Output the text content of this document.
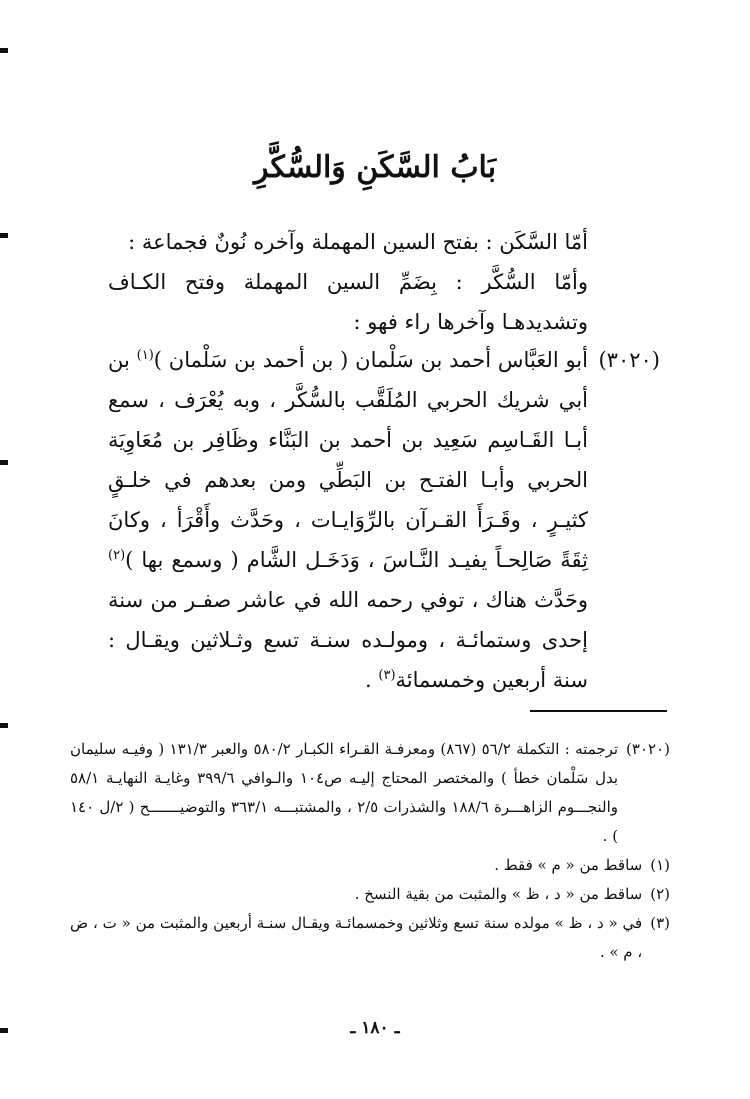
بَابُ السَّكَنِ وَالسُّكَّرِ

أمّا السَّكَن : بفتح السين المهملة وآخره نُونٌ فجماعة :

وأمّا السُّكَّر : بِضَمِّ السين المهملة وفتح الكـاف وتشديدهـا وآخرها راء فهو :

(٣٠٢٠)

أبو العَبَّاس أحمد بن سَلْمان ( بن أحمد بن سَلْمان )$^{(١)}$ بن أبي شريك الحربي المُلَقَّب بالسُّكَّر ، وبه يُعْرَف ، سمع أبـا القَـاسِم سَعِيد بن أحمد بن البَنَّاء وظَافِر بن مُعَاوِيَة الحربي وأبـا الفتـح بن البَطِّي ومن بعدهم في خلـقٍ كثيـرٍ ، وقَـرَأَ القـرآن بالرِّوَايـات ، وحَدَّث وأَقْرَأ ، وكانَ ثِقَةً صَالِحـاً يفيـد النَّـاسَ ، وَدَخَـل الشَّام ( وسمع بها )$^{(٢)}$ وحَدَّث هناك ، توفي رحمه الله في عاشر صفـر من سنة إحدى وستمائـة ، ومولـده سنـة تسع وثـلاثين ويقـال : سنة أربعين وخمسمائة$^{(٣)}$ .

(٣٠٢٠)
ترجمته : التكملة ٥٦/٢ (٨٦٧) ومعرفـة القـراء الكبـار ٥٨٠/٢ والعبر ١٣١/٣ ( وفيـه سليمان بدل سَلْمان خطأ ) والمختصر المحتاج إليـه ص١٠٤ والـوافي ٣٩٩/٦ وغايـة النهايـة ٥٨/١ والنجـــوم الزاهـــرة ١٨٨/٦ والشذرات ٢/٥ ، والمشتبـــه ٣٦٣/١ والتوضيـــــــح ( ٢/ل ١٤٠ ) .
(١)
ساقط من « م » فقط .
(٢)
ساقط من « د ، ظ » والمثبت من بقية النسخ .
(٣)
في « د ، ظ » مولده سنة تسع وثلاثين وخمسمائـة ويقـال سنـة أربعين والمثبت من « ت ، ض ، م » .
ـ ١٨٠ ـ
